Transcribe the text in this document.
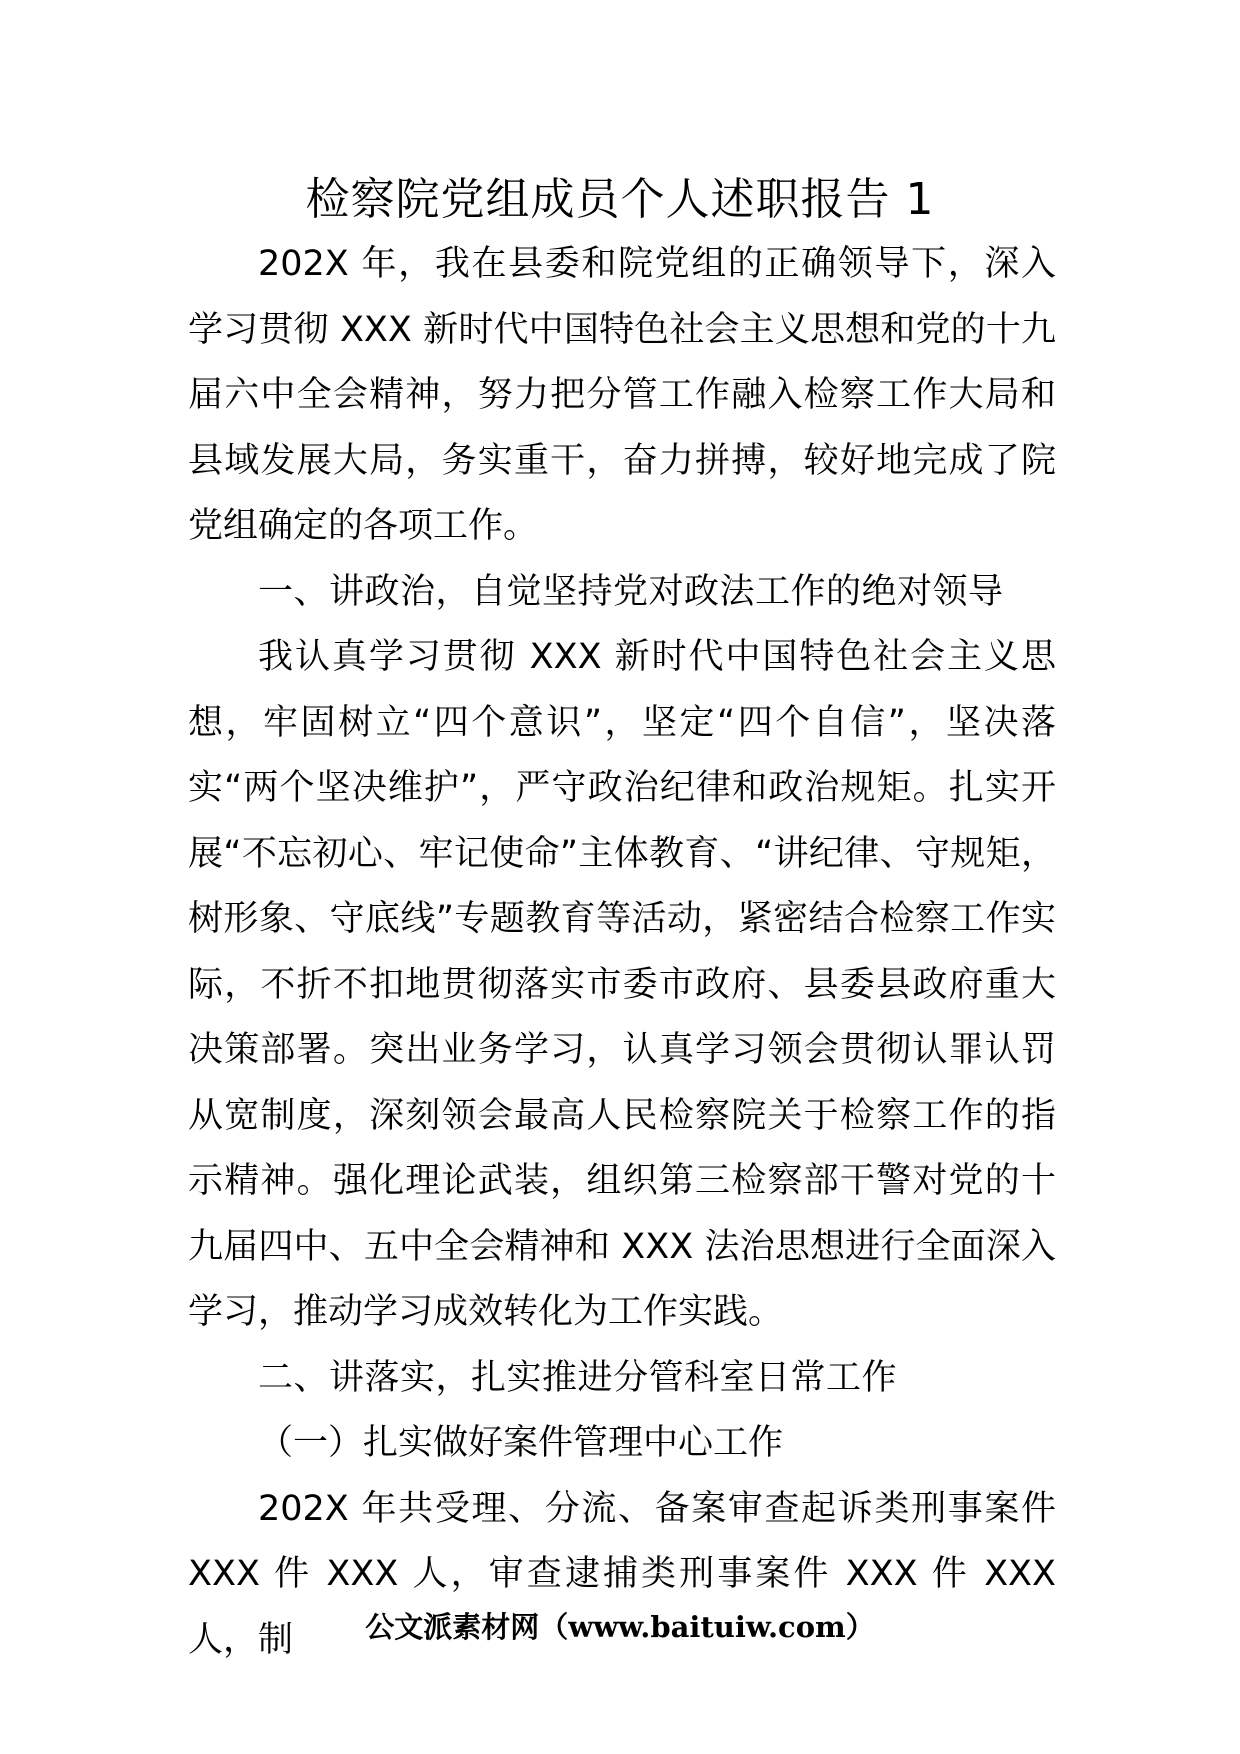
检察院党组成员个人述职报告 1

202X 年，我在县委和院党组的正确领导下，深入学习贯彻 XXX 新时代中国特色社会主义思想和党的十九届六中全会精神，努力把分管工作融入检察工作大局和县域发展大局，务实重干，奋力拼搏，较好地完成了院党组确定的各项工作。

一、讲政治，自觉坚持党对政法工作的绝对领导

我认真学习贯彻 XXX 新时代中国特色社会主义思想，牢固树立“四个意识”，坚定“四个自信”，坚决落实“两个坚决维护”，严守政治纪律和政治规矩。扎实开展“不忘初心、牢记使命”主体教育、“讲纪律、守规矩，树形象、守底线”专题教育等活动，紧密结合检察工作实际，不折不扣地贯彻落实市委市政府、县委县政府重大决策部署。突出业务学习，认真学习领会贯彻认罪认罚从宽制度，深刻领会最高人民检察院关于检察工作的指示精神。强化理论武装，组织第三检察部干警对党的十九届四中、五中全会精神和 XXX 法治思想进行全面深入学习，推动学习成效转化为工作实践。

二、讲落实，扎实推进分管科室日常工作

（一）扎实做好案件管理中心工作

202X 年共受理、分流、备案审查起诉类刑事案件 XXX 件 XXX 人，审查逮捕类刑事案件 XXX 件 XXX 人，制	公文派素材网（www.baituiw.com）
